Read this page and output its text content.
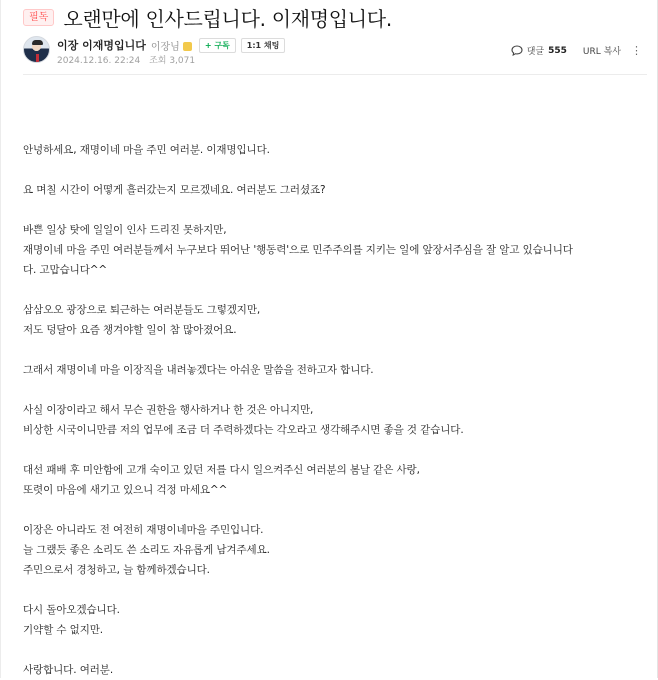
필독 오랜만에 인사드립니다. 이재명입니다.
이장 이재명입니다 이장님	+ 구독	1:1 채팅
2024.12.16. 22:24 조회 3,071
댓글 555 URL 복사 ⋮

안녕하세요, 재명이네 마을 주민 여러분. 이재명입니다.

요 며칠 시간이 어떻게 흘러갔는지 모르겠네요. 여러분도 그러셨죠?

바쁜 일상 탓에 일일이 인사 드리진 못하지만,

재명이네 마을 주민 여러분들께서 누구보다 뛰어난 '행동력'으로 민주주의를 지키는 일에 앞장서주심을 잘 알고 있습니니다

다. 고맙습니다^^

삼삼오오 광장으로 퇴근하는 여러분들도 그렇겠지만,

저도 덩달아 요즘 챙겨야할 일이 참 많아졌어요.

그래서 재명이네 마을 이장직을 내려놓겠다는 아쉬운 말씀을 전하고자 합니다.

사실 이장이라고 해서 무슨 권한을 행사하거나 한 것은 아니지만,

비상한 시국이니만큼 저의 업무에 조금 더 주력하겠다는 각오라고 생각해주시면 좋을 것 같습니다.

대선 패배 후 미안함에 고개 숙이고 있던 저를 다시 일으켜주신 여러분의 봄날 같은 사랑,

또렷이 마음에 새기고 있으니 걱정 마세요^^

이장은 아니라도 전 여전히 재명이네마을 주민입니다.

늘 그랬듯 좋은 소리도 쓴 소리도 자유롭게 남겨주세요.

주민으로서 경청하고, 늘 함께하겠습니다.

다시 돌아오겠습니다.

기약할 수 없지만.

사랑합니다. 여러분.
